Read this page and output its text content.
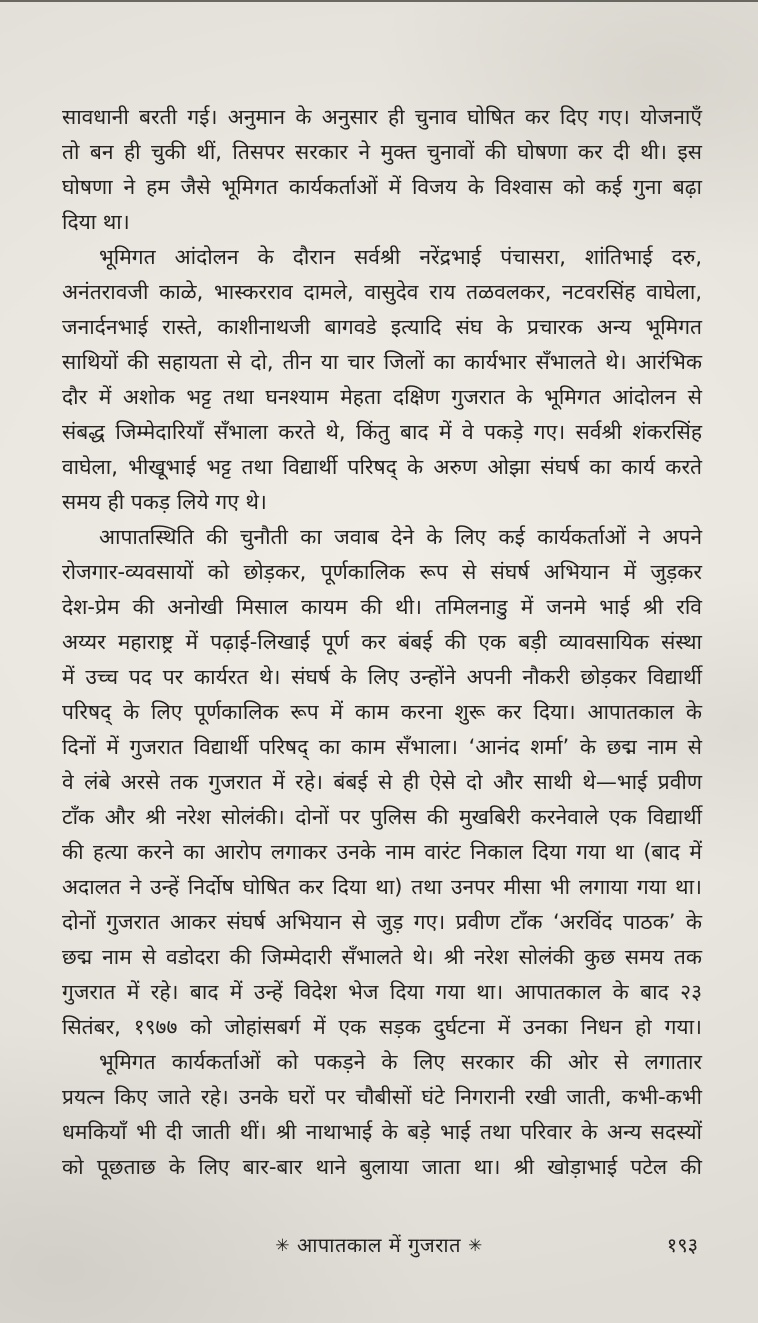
सावधानी बरती गई। अनुमान के अनुसार ही चुनाव घोषित कर दिए गए। योजनाएँ
तो बन ही चुकी थीं, तिसपर सरकार ने मुक्त चुनावों की घोषणा कर दी थी। इस
घोषणा ने हम जैसे भूमिगत कार्यकर्ताओं में विजय के विश्वास को कई गुना बढ़ा
दिया था।
भूमिगत आंदोलन के दौरान सर्वश्री नरेंद्रभाई पंचासरा, शांतिभाई दरु,
अनंतरावजी काळे, भास्करराव दामले, वासुदेव राय तळवलकर, नटवरसिंह वाघेला,
जनार्दनभाई रास्ते, काशीनाथजी बागवडे इत्यादि संघ के प्रचारक अन्य भूमिगत
साथियों की सहायता से दो, तीन या चार जिलों का कार्यभार सँभालते थे। आरंभिक
दौर में अशोक भट्ट तथा घनश्याम मेहता दक्षिण गुजरात के भूमिगत आंदोलन से
संबद्ध जिम्मेदारियाँ सँभाला करते थे, किंतु बाद में वे पकड़े गए। सर्वश्री शंकरसिंह
वाघेला, भीखूभाई भट्ट तथा विद्यार्थी परिषद् के अरुण ओझा संघर्ष का कार्य करते
समय ही पकड़ लिये गए थे।
आपातस्थिति की चुनौती का जवाब देने के लिए कई कार्यकर्ताओं ने अपने
रोजगार-व्यवसायों को छोड़कर, पूर्णकालिक रूप से संघर्ष अभियान में जुड़कर
देश-प्रेम की अनोखी मिसाल कायम की थी। तमिलनाडु में जनमे भाई श्री रवि
अय्यर महाराष्ट्र में पढ़ाई-लिखाई पूर्ण कर बंबई की एक बड़ी व्यावसायिक संस्था
में उच्च पद पर कार्यरत थे। संघर्ष के लिए उन्होंने अपनी नौकरी छोड़कर विद्यार्थी
परिषद् के लिए पूर्णकालिक रूप में काम करना शुरू कर दिया। आपातकाल के
दिनों में गुजरात विद्यार्थी परिषद् का काम सँभाला। ‘आनंद शर्मा’ के छद्म नाम से
वे लंबे अरसे तक गुजरात में रहे। बंबई से ही ऐसे दो और साथी थे—भाई प्रवीण
टाँक और श्री नरेश सोलंकी। दोनों पर पुलिस की मुखबिरी करनेवाले एक विद्यार्थी
की हत्या करने का आरोप लगाकर उनके नाम वारंट निकाल दिया गया था (बाद में
अदालत ने उन्हें निर्दोष घोषित कर दिया था) तथा उनपर मीसा भी लगाया गया था।
दोनों गुजरात आकर संघर्ष अभियान से जुड़ गए। प्रवीण टाँक ‘अरविंद पाठक’ के
छद्म नाम से वडोदरा की जिम्मेदारी सँभालते थे। श्री नरेश सोलंकी कुछ समय तक
गुजरात में रहे। बाद में उन्हें विदेश भेज दिया गया था। आपातकाल के बाद २३
सितंबर, १९७७ को जोहांसबर्ग में एक सड़क दुर्घटना में उनका निधन हो गया।
भूमिगत कार्यकर्ताओं को पकड़ने के लिए सरकार की ओर से लगातार
प्रयत्न किए जाते रहे। उनके घरों पर चौबीसों घंटे निगरानी रखी जाती, कभी-कभी
धमकियाँ भी दी जाती थीं। श्री नाथाभाई के बड़े भाई तथा परिवार के अन्य सदस्यों
को पूछताछ के लिए बार-बार थाने बुलाया जाता था। श्री खोड़ाभाई पटेल की
✳ आपातकाल में गुजरात ✳	१९३
